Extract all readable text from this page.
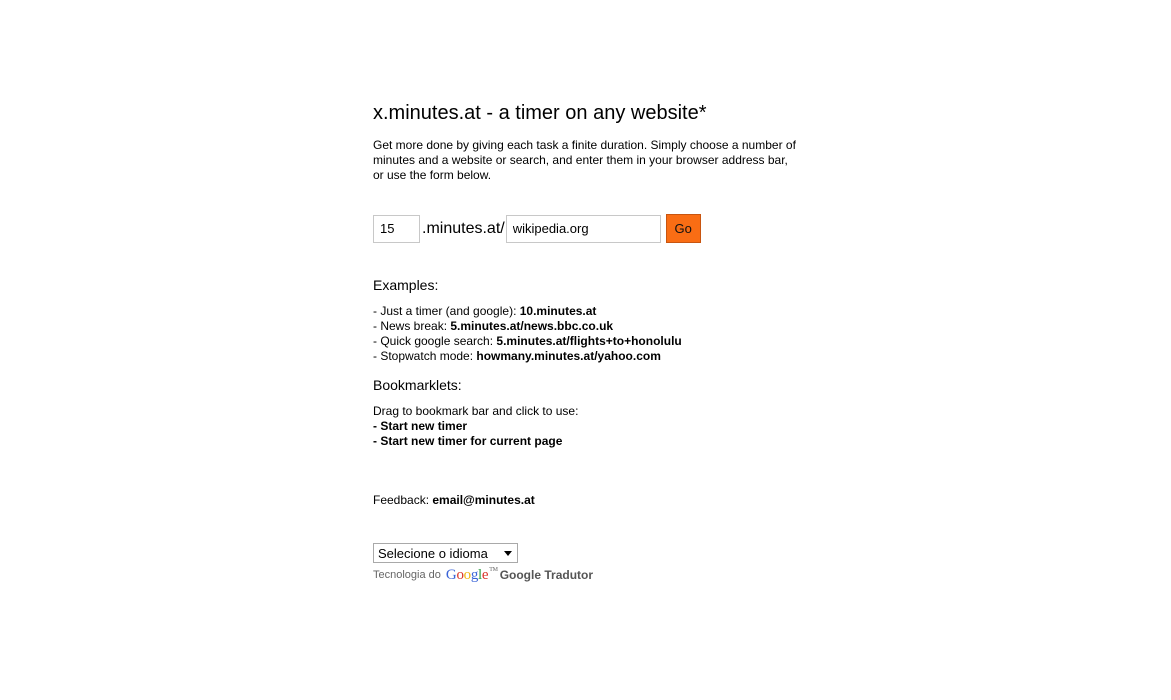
x.minutes.at - a timer on any website*

Get more done by giving each task a finite duration. Simply choose a number of minutes and a website or search, and enter them in your browser address bar, or use the form below.

15
.minutes.at/
wikipedia.org	Go
Examples:
- Just a timer (and google): 10.minutes.at
- News break: 5.minutes.at/news.bbc.co.uk
- Quick google search: 5.minutes.at/flights+to+honolulu
- Stopwatch mode: howmany.minutes.at/yahoo.com
Bookmarklets:
Drag to bookmark bar and click to use:
- Start new timer
- Start new timer for current page
Feedback: email@minutes.at
Selecione o idioma
Tecnologia do G o o g l e™ Google Tradutor
